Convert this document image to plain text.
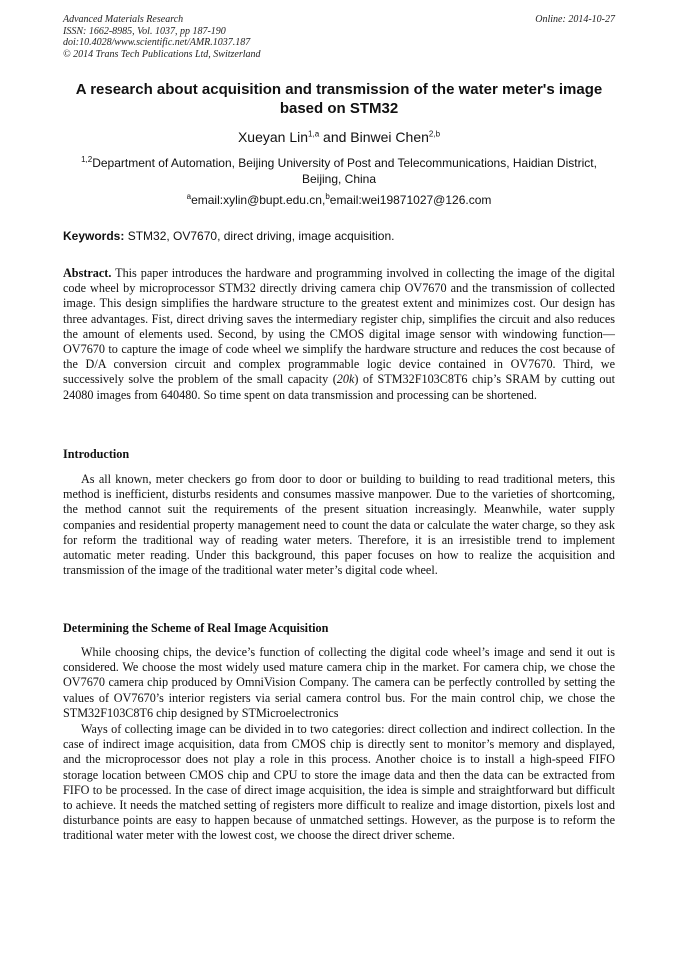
Advanced Materials Research
ISSN: 1662-8985, Vol. 1037, pp 187-190
doi:10.4028/www.scientific.net/AMR.1037.187
© 2014 Trans Tech Publications Ltd, Switzerland
Online: 2014-10-27
A research about acquisition and transmission of the water meter's image based on STM32
Xueyan Lin$^{1,a}$ and Binwei Chen$^{2,b}$
$^{1,2}$Department of Automation, Beijing University of Post and Telecommunications, Haidian District, Beijing, China
$^a$email:xylin@bupt.edu.cn,$^b$email:wei19871027@126.com
Keywords: STM32, OV7670, direct driving, image acquisition.
Abstract. This paper introduces the hardware and programming involved in collecting the image of the digital code wheel by microprocessor STM32 directly driving camera chip OV7670 and the transmission of collected image. This design simplifies the hardware structure to the greatest extent and minimizes cost. Our design has three advantages. Fist, direct driving saves the intermediary register chip, simplifies the circuit and also reduces the amount of elements used. Second, by using the CMOS digital image sensor with windowing function—OV7670 to capture the image of code wheel we simplify the hardware structure and reduces the cost because of the D/A conversion circuit and complex programmable logic device contained in OV7670. Third, we successively solve the problem of the small capacity (20k) of STM32F103C8T6 chip’s SRAM by cutting out 24080 images from 640480. So time spent on data transmission and processing can be shortened.
Introduction
As all known, meter checkers go from door to door or building to building to read traditional meters, this method is inefficient, disturbs residents and consumes massive manpower. Due to the varieties of shortcoming, the method cannot suit the requirements of the present situation increasingly. Meanwhile, water supply companies and residential property management need to count the data or calculate the water charge, so they ask for reform the traditional way of reading water meters. Therefore, it is an irresistible trend to implement automatic meter reading. Under this background, this paper focuses on how to realize the acquisition and transmission of the image of the traditional water meter’s digital code wheel.
Determining the Scheme of Real Image Acquisition
While choosing chips, the device’s function of collecting the digital code wheel’s image and send it out is considered. We choose the most widely used mature camera chip in the market. For camera chip, we chose the OV7670 camera chip produced by OmniVision Company. The camera can be perfectly controlled by setting the values of OV7670’s interior registers via serial camera control bus. For the main control chip, we chose the STM32F103C8T6 chip designed by STMicroelectronics
Ways of collecting image can be divided in to two categories: direct collection and indirect collection. In the case of indirect image acquisition, data from CMOS chip is directly sent to monitor’s memory and displayed, and the microprocessor does not play a role in this process. Another choice is to install a high-speed FIFO storage location between CMOS chip and CPU to store the image data and then the data can be extracted from FIFO to be processed. In the case of direct image acquisition, the idea is simple and straightforward but difficult to achieve. It needs the matched setting of registers more difficult to realize and image distortion, pixels lost and disturbance points are easy to happen because of unmatched settings. However, as the purpose is to reform the traditional water meter with the lowest cost, we choose the direct driver scheme.
